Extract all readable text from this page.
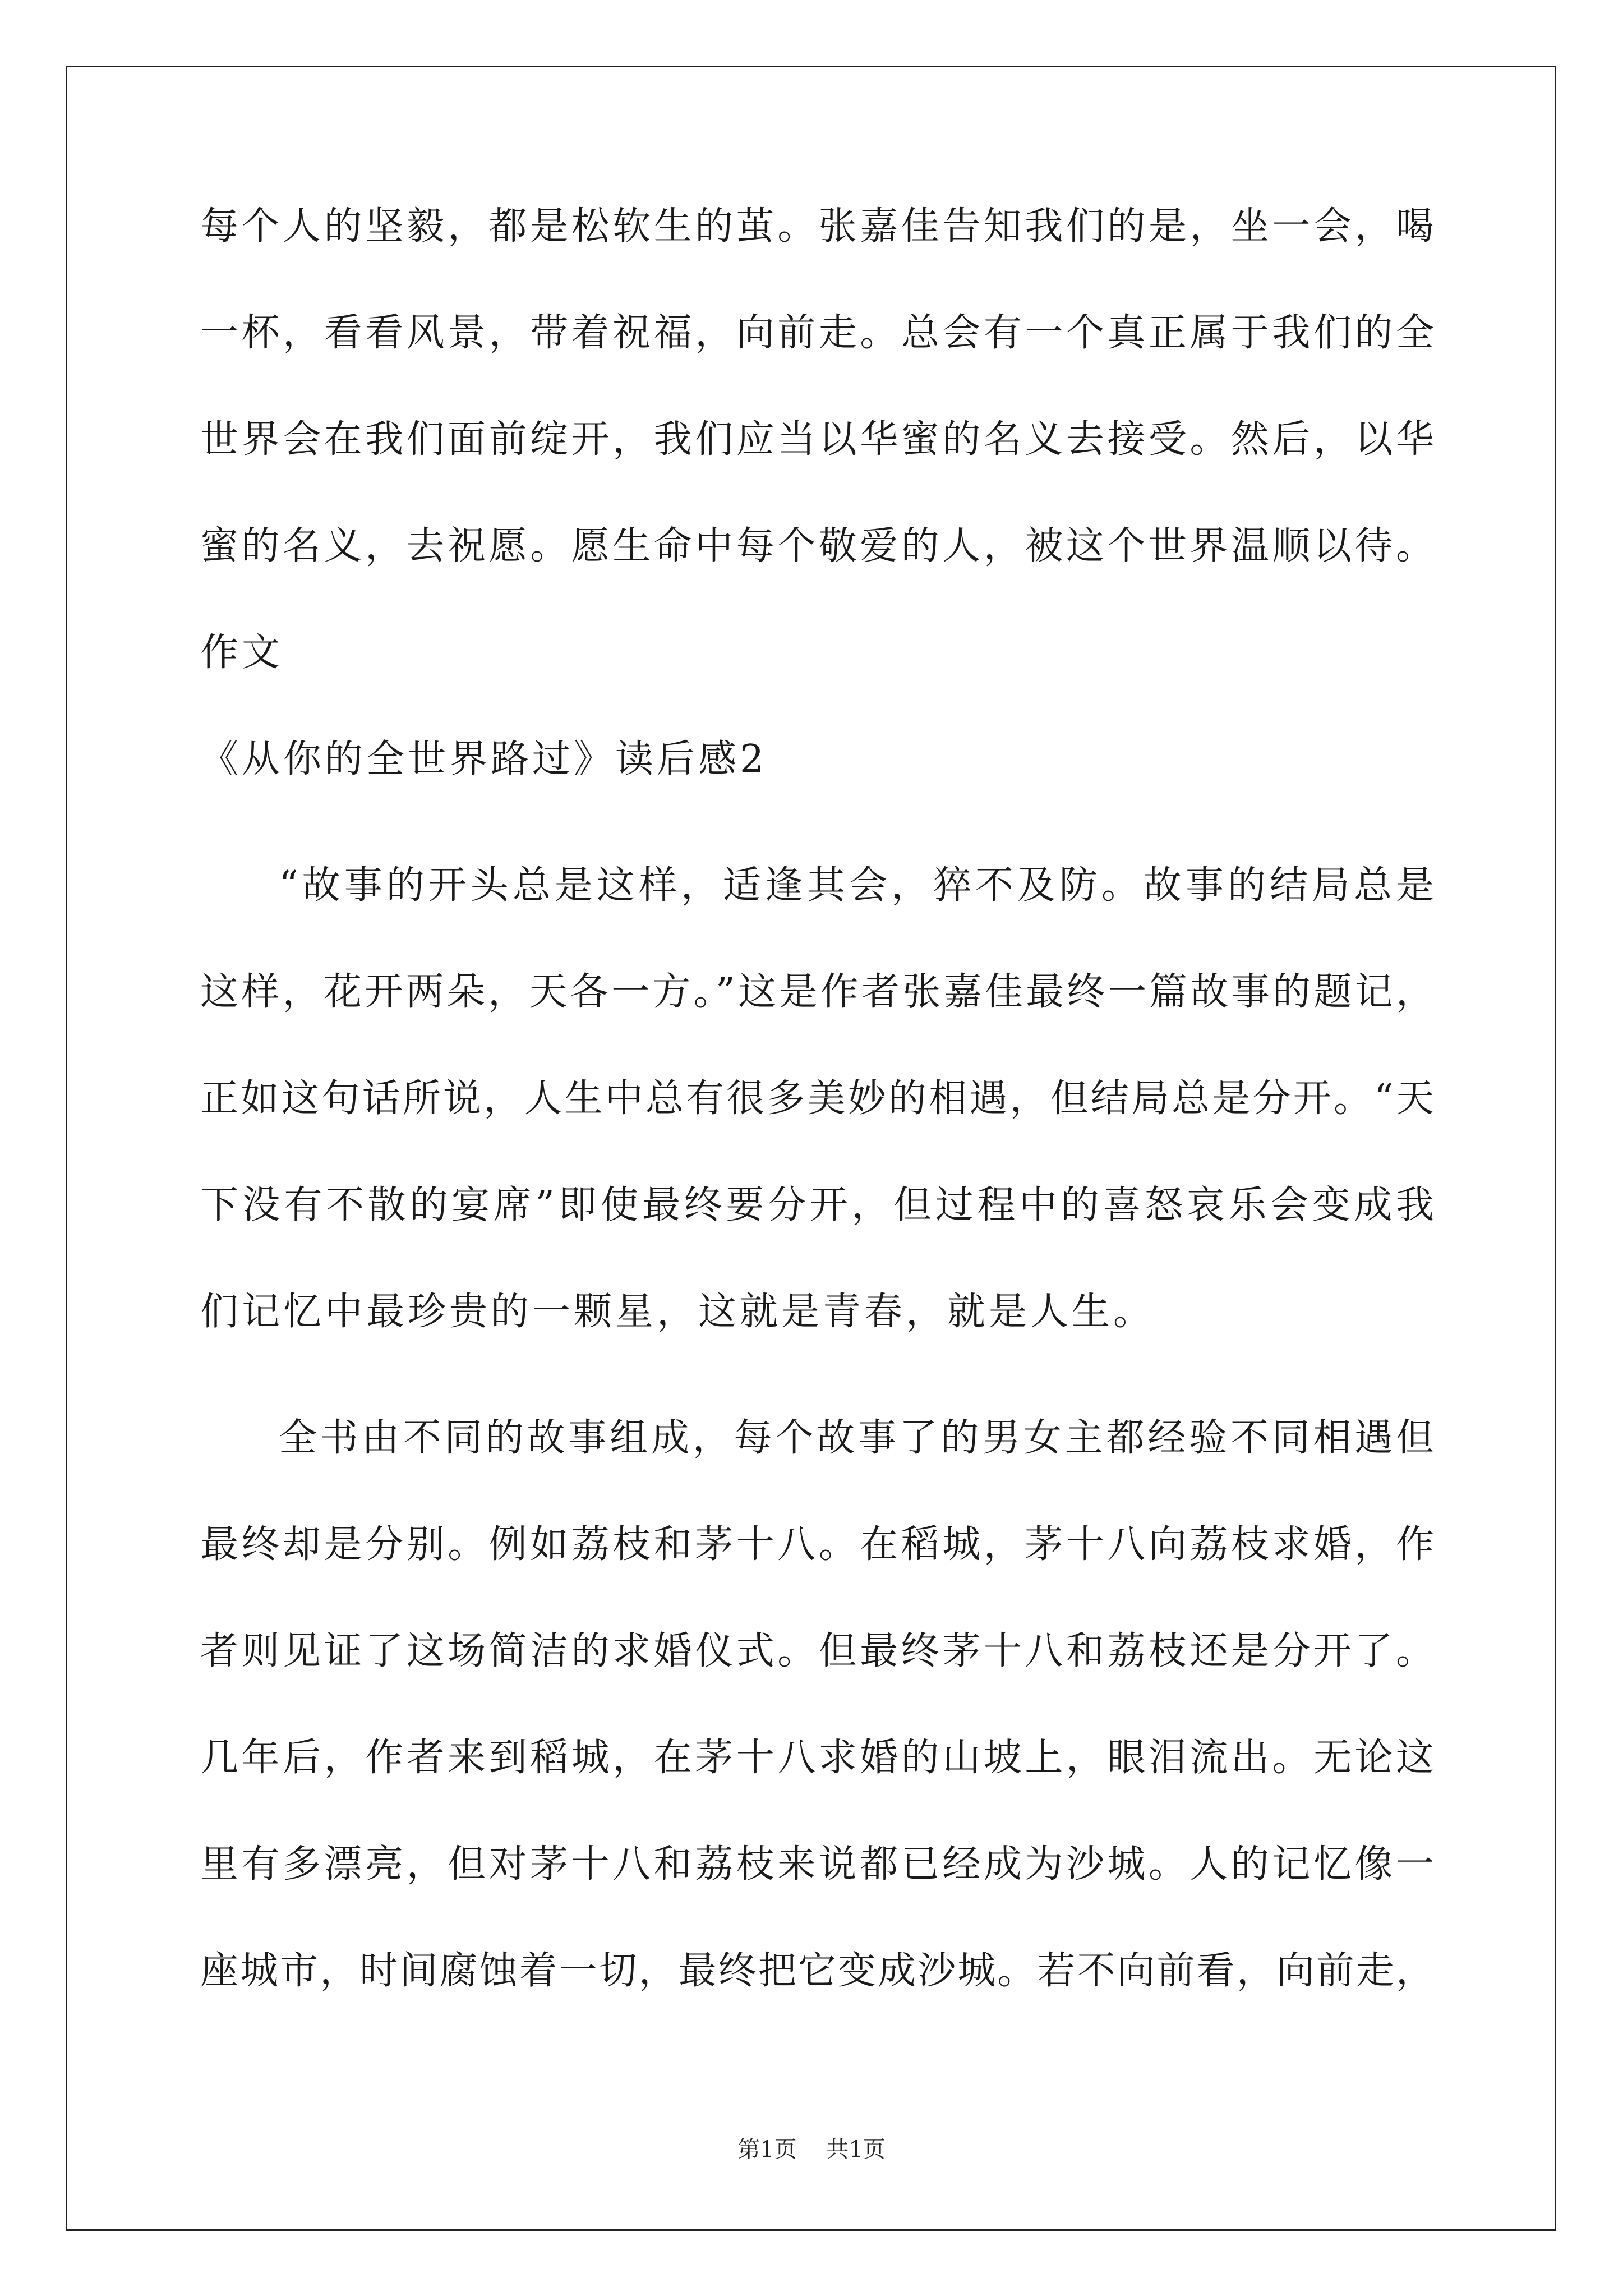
每个人的坚毅，都是松软生的茧。张嘉佳告知我们的是，坐一会，喝
一杯，看看风景，带着祝福，向前走。总会有一个真正属于我们的全
世界会在我们面前绽开，我们应当以华蜜的名义去接受。然后，以华
蜜的名义，去祝愿。愿生命中每个敬爱的人，被这个世界温顺以待。
作文
《从你的全世界路过》读后感2
“故事的开头总是这样，适逢其会，猝不及防。故事的结局总是
这样，花开两朵，天各一方。”这是作者张嘉佳最终一篇故事的题记，
正如这句话所说，人生中总有很多美妙的相遇，但结局总是分开。“天
下没有不散的宴席”即使最终要分开，但过程中的喜怒哀乐会变成我
们记忆中最珍贵的一颗星，这就是青春，就是人生。
全书由不同的故事组成，每个故事了的男女主都经验不同相遇但
最终却是分别。例如荔枝和茅十八。在稻城，茅十八向荔枝求婚，作
者则见证了这场简洁的求婚仪式。但最终茅十八和荔枝还是分开了。
几年后，作者来到稻城，在茅十八求婚的山坡上，眼泪流出。无论这
里有多漂亮，但对茅十八和荔枝来说都已经成为沙城。人的记忆像一
座城市，时间腐蚀着一切，最终把它变成沙城。若不向前看，向前走，
第1页 共1页
